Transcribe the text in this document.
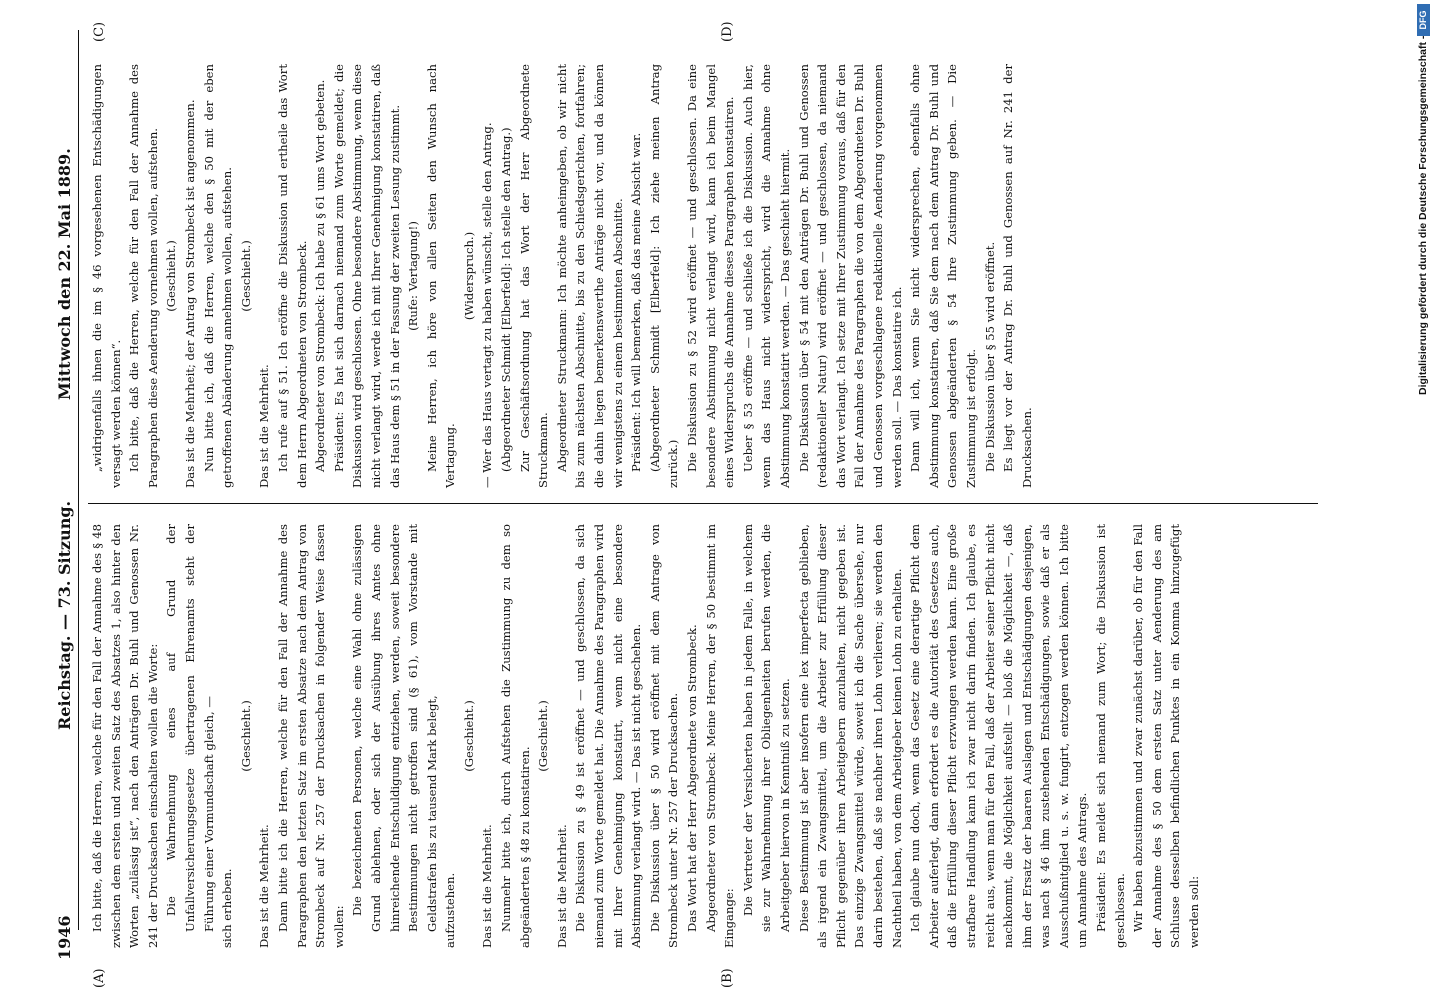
1946
Reichstag. — 73. Sitzung.
Mittwoch den 22. Mai 1889.
(A)	(B)
(C)	(D)

Ich bitte, daß die Herren, welche für den Fall der Annahme des § 48 zwischen dem ersten und zweiten Satz des Absatzes 1, also hinter den Worten „zulässig ist“, nach den Anträgen Dr. Buhl und Genossen Nr. 241 der Drucksachen einschalten wollen die Worte: Die Wahrnehmung eines auf Grund der Unfallversicherungsgesetze übertragenen Ehrenamts steht der Führung einer Vormundschaft gleich, — sich erheben.

(Geschieht.)

Das ist die Mehrheit. Dann bitte ich die Herren, welche für den Fall der Annahme des Paragraphen den letzten Satz im ersten Absatze nach dem Antrag von Strombeck auf Nr. 257 der Drucksachen in folgender Weise fassen wollen:

Die bezeichneten Personen, welche eine Wahl ohne zulässigen Grund ablehnen, oder sich der Ausübung ihres Amtes ohne hinreichende Entschuldigung entziehen, werden, soweit besondere Bestimmungen nicht getroffen sind (§ 61), vom Vorstande mit Geldstrafen bis zu tausend Mark belegt, aufzustehen.

(Geschieht.)

Das ist die Mehrheit. Nunmehr bitte ich, durch Aufstehen die Zustimmung zu dem so abgeänderten § 48 zu konstatiren.

(Geschieht.)

Das ist die Mehrheit. Die Diskussion zu § 49 ist eröffnet — und geschlossen, da sich niemand zum Worte gemeldet hat. Die Annahme des Paragraphen wird mit Ihrer Genehmigung konstatirt, wenn nicht eine besondere Abstimmung verlangt wird. — Das ist nicht geschehen. Die Diskussion über § 50 wird eröffnet mit dem Antrage von Strombeck unter Nr. 257 der Drucksachen. Das Wort hat der Herr Abgeordnete von Strombeck. Abgeordneter von Strombeck: Meine Herren, der § 50 bestimmt im Eingange:

Die Vertreter der Versicherten haben in jedem Falle, in welchem sie zur Wahrnehmung ihrer Obliegenheiten berufen werden, die Arbeitgeber hiervon in Kenntniß zu setzen. Diese Bestimmung ist aber insofern eine lex imperfecta geblieben, als irgend ein Zwangsmittel, um die Arbeiter zur Erfüllung dieser Pflicht gegenüber ihren Arbeitgebern anzuhalten, nicht gegeben ist. Das einzige Zwangsmittel würde, soweit ich die Sache übersehe, nur darin bestehen, daß sie nachher ihren Lohn verlieren; sie werden den Nachtheil haben, von dem Arbeitgeber keinen Lohn zu erhalten. Ich glaube nun doch, wenn das Gesetz eine derartige Pflicht dem Arbeiter auferlegt, dann erfordert es die Autorität des Gesetzes auch, daß die Erfüllung dieser Pflicht erzwungen werden kann. Eine große strafbare Handlung kann ich zwar nicht darin finden. Ich glaube, es reicht aus, wenn man für den Fall, daß der Arbeiter seiner Pflicht nicht nachkommt, die Möglichkeit aufstellt — bloß die Möglichkeit —, daß ihm der Ersatz der baaren Auslagen und Entschädigungen desjenigen, was nach § 46 ihm zustehenden Entschädigungen, sowie daß er als Ausschußmitglied u. s. w. fungirt, entzogen werden können. Ich bitte um Annahme des Antrags. Präsident: Es meldet sich niemand zum Wort; die Diskussion ist geschlossen. Wir haben abzustimmen und zwar zunächst darüber, ob für den Fall der Annahme des § 50 dem ersten Satz unter Aenderung des am Schlusse desselben befindlichen Punktes in ein Komma hinzugefügt werden soll:

„widrigenfalls ihnen die im § 46 vorgesehenen Entschädigungen versagt werden können“. Ich bitte, daß die Herren, welche für den Fall der Annahme des Paragraphen diese Aenderung vornehmen wollen, aufstehen. (Geschieht.) Das ist die Mehrheit; der Antrag von Strombeck ist angenommen. Nun bitte ich, daß die Herren, welche den § 50 mit der eben getroffenen Abänderung annehmen wollen, aufstehen. (Geschieht.)

Das ist die Mehrheit. Ich rufe auf § 51. Ich eröffne die Diskussion und ertheile das Wort dem Herrn Abgeordneten von Strombeck. Abgeordneter von Strombeck: Ich habe zu § 61 ums Wort gebeten. Präsident: Es hat sich darnach niemand zum Worte gemeldet; die Diskussion wird geschlossen. Ohne besondere Abstimmung, wenn diese nicht verlangt wird, werde ich mit Ihrer Genehmigung konstatiren, daß das Haus dem § 51 in der Fassung der zweiten Lesung zustimmt. (Rufe: Vertagung!) Meine Herren, ich höre von allen Seiten den Wunsch nach Vertagung.

(Widerspruch.) — Wer das Haus vertagt zu haben wünscht, stelle den Antrag. (Abgeordneter Schmidt [Elberfeld]: Ich stelle den Antrag.) Zur Geschäftsordnung hat das Wort der Herr Abgeordnete Struckmann. Abgeordneter Struckmann: Ich möchte anheimgeben, ob wir nicht bis zum nächsten Abschnitte, bis zu den Schiedsgerichten, fortfahren; die dahin liegen bemerkenswerthe Anträge nicht vor, und da können wir wenigstens zu einem bestimmten Abschnitte. Präsident: Ich will bemerken, daß das meine Absicht war. (Abgeordneter Schmidt [Elberfeld]: Ich ziehe meinen Antrag zurück.) Die Diskussion zu § 52 wird eröffnet — und geschlossen. Da eine besondere Abstimmung nicht verlangt wird, kann ich beim Mangel eines Widerspruchs die Annahme dieses Paragraphen konstatiren. Ueber § 53 eröffne — und schließe ich die Diskussion. Auch hier, wenn das Haus nicht widerspricht, wird die Annahme ohne Abstimmung konstatirt werden. — Das geschieht hiermit. Die Diskussion über § 54 mit den Anträgen Dr. Buhl und Genossen (redaktioneller Natur) wird eröffnet — und geschlossen, da niemand das Wort verlangt. Ich setze mit Ihrer Zustimmung voraus, daß für den Fall der Annahme des Paragraphen die von dem Abgeordneten Dr. Buhl und Genossen vorgeschlagene redaktionelle Aenderung vorgenommen werden soll. — Das konstatire ich. Dann will ich, wenn Sie nicht widersprechen, ebenfalls ohne Abstimmung konstatiren, daß Sie dem nach dem Antrag Dr. Buhl und Genossen abgeänderten § 54 Ihre Zustimmung geben. — Die Zustimmung ist erfolgt. Die Diskussion über § 55 wird eröffnet. Es liegt vor der Antrag Dr. Buhl und Genossen auf Nr. 241 der Drucksachen.

Digitalisierung gefördert durch die Deutsche Forschungsgemeinschaft -
DFG
